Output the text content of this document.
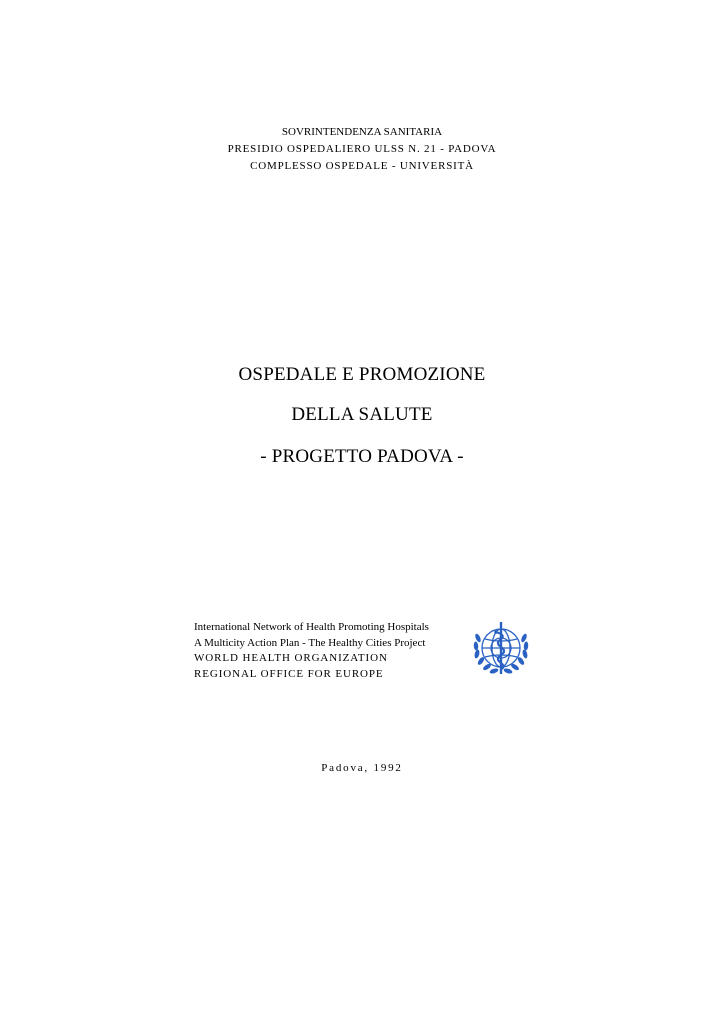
SOVRINTENDENZA SANITARIA
PRESIDIO OSPEDALIERO ULSS N. 21 - PADOVA
COMPLESSO OSPEDALE - UNIVERSITÀ
OSPEDALE E PROMOZIONE
DELLA SALUTE
- PROGETTO PADOVA -
International Network of Health Promoting Hospitals
A Multicity Action Plan - The Healthy Cities Project
WORLD HEALTH ORGANIZATION
REGIONAL OFFICE FOR EUROPE
Padova, 1992
